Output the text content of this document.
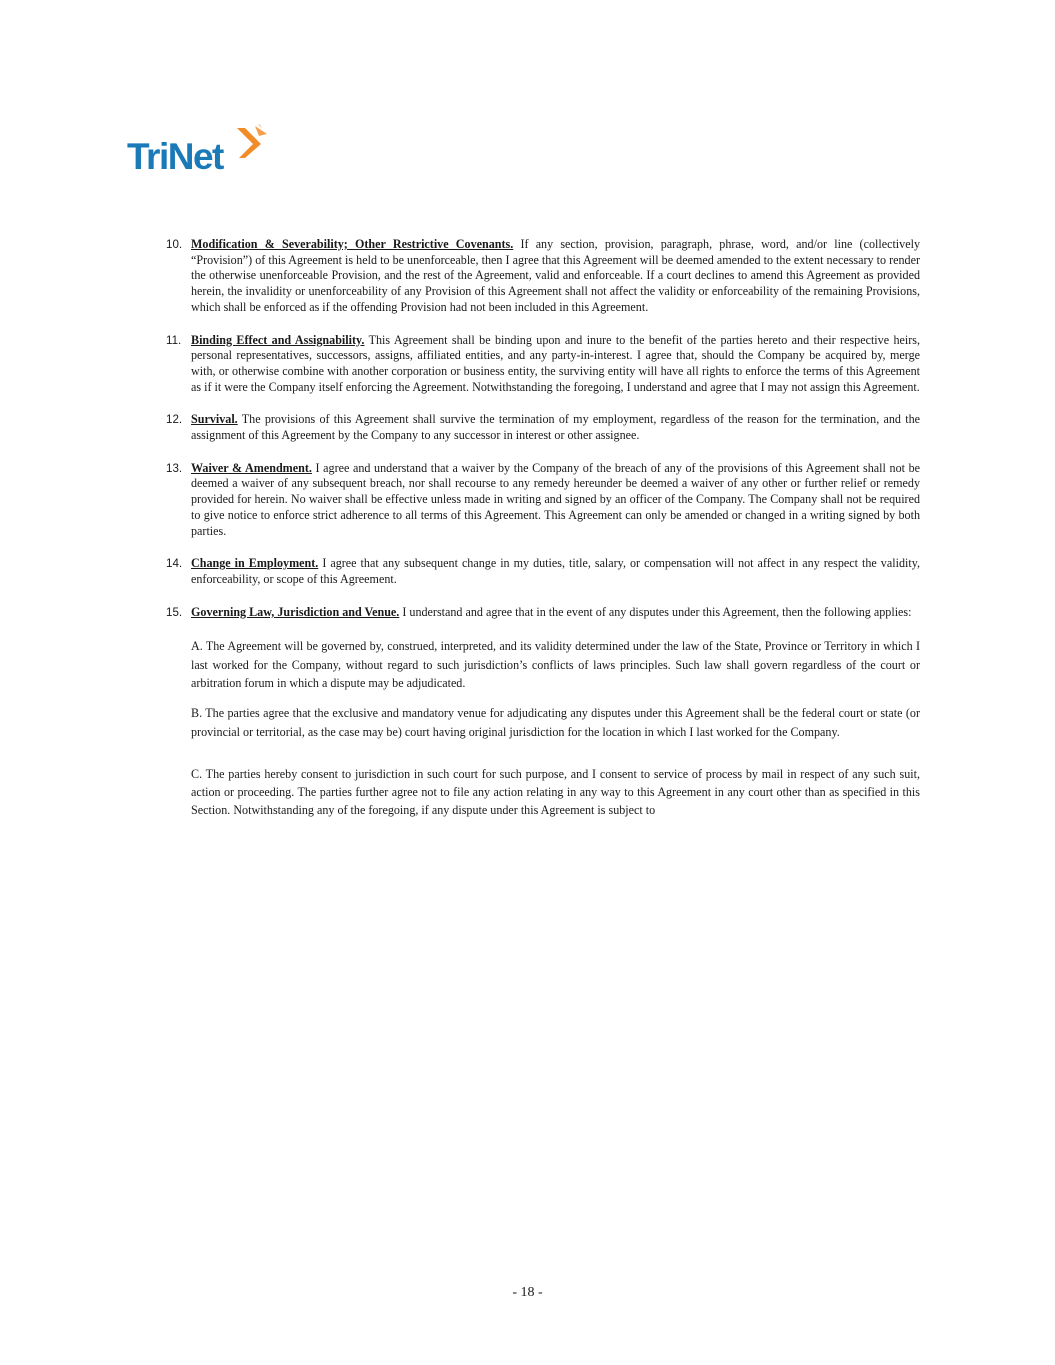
TriNet
10. Modification & Severability; Other Restrictive Covenants. If any section, provision, paragraph, phrase, word, and/or line (collectively “Provision”) of this Agreement is held to be unenforceable, then I agree that this Agreement will be deemed amended to the extent necessary to render the otherwise unenforceable Provision, and the rest of the Agreement, valid and enforceable. If a court declines to amend this Agreement as provided herein, the invalidity or unenforceability of any Provision of this Agreement shall not affect the validity or enforceability of the remaining Provisions, which shall be enforced as if the offending Provision had not been included in this Agreement.
11. Binding Effect and Assignability. This Agreement shall be binding upon and inure to the benefit of the parties hereto and their respective heirs, personal representatives, successors, assigns, affiliated entities, and any party-in-interest. I agree that, should the Company be acquired by, merge with, or otherwise combine with another corporation or business entity, the surviving entity will have all rights to enforce the terms of this Agreement as if it were the Company itself enforcing the Agreement. Notwithstanding the foregoing, I understand and agree that I may not assign this Agreement.
12. Survival. The provisions of this Agreement shall survive the termination of my employment, regardless of the reason for the termination, and the assignment of this Agreement by the Company to any successor in interest or other assignee.
13. Waiver & Amendment. I agree and understand that a waiver by the Company of the breach of any of the provisions of this Agreement shall not be deemed a waiver of any subsequent breach, nor shall recourse to any remedy hereunder be deemed a waiver of any other or further relief or remedy provided for herein. No waiver shall be effective unless made in writing and signed by an officer of the Company. The Company shall not be required to give notice to enforce strict adherence to all terms of this Agreement. This Agreement can only be amended or changed in a writing signed by both parties.
14. Change in Employment. I agree that any subsequent change in my duties, title, salary, or compensation will not affect in any respect the validity, enforceability, or scope of this Agreement.
15. Governing Law, Jurisdiction and Venue. I understand and agree that in the event of any disputes under this Agreement, then the following applies:
A. The Agreement will be governed by, construed, interpreted, and its validity determined under the law of the State, Province or Territory in which I last worked for the Company, without regard to such jurisdiction’s conflicts of laws principles. Such law shall govern regardless of the court or arbitration forum in which a dispute may be adjudicated.
B. The parties agree that the exclusive and mandatory venue for adjudicating any disputes under this Agreement shall be the federal court or state (or provincial or territorial, as the case may be) court having original jurisdiction for the location in which I last worked for the Company.
C. The parties hereby consent to jurisdiction in such court for such purpose, and I consent to service of process by mail in respect of any such suit, action or proceeding. The parties further agree not to file any action relating in any way to this Agreement in any court other than as specified in this Section. Notwithstanding any of the foregoing, if any dispute under this Agreement is subject to
- 18 -
